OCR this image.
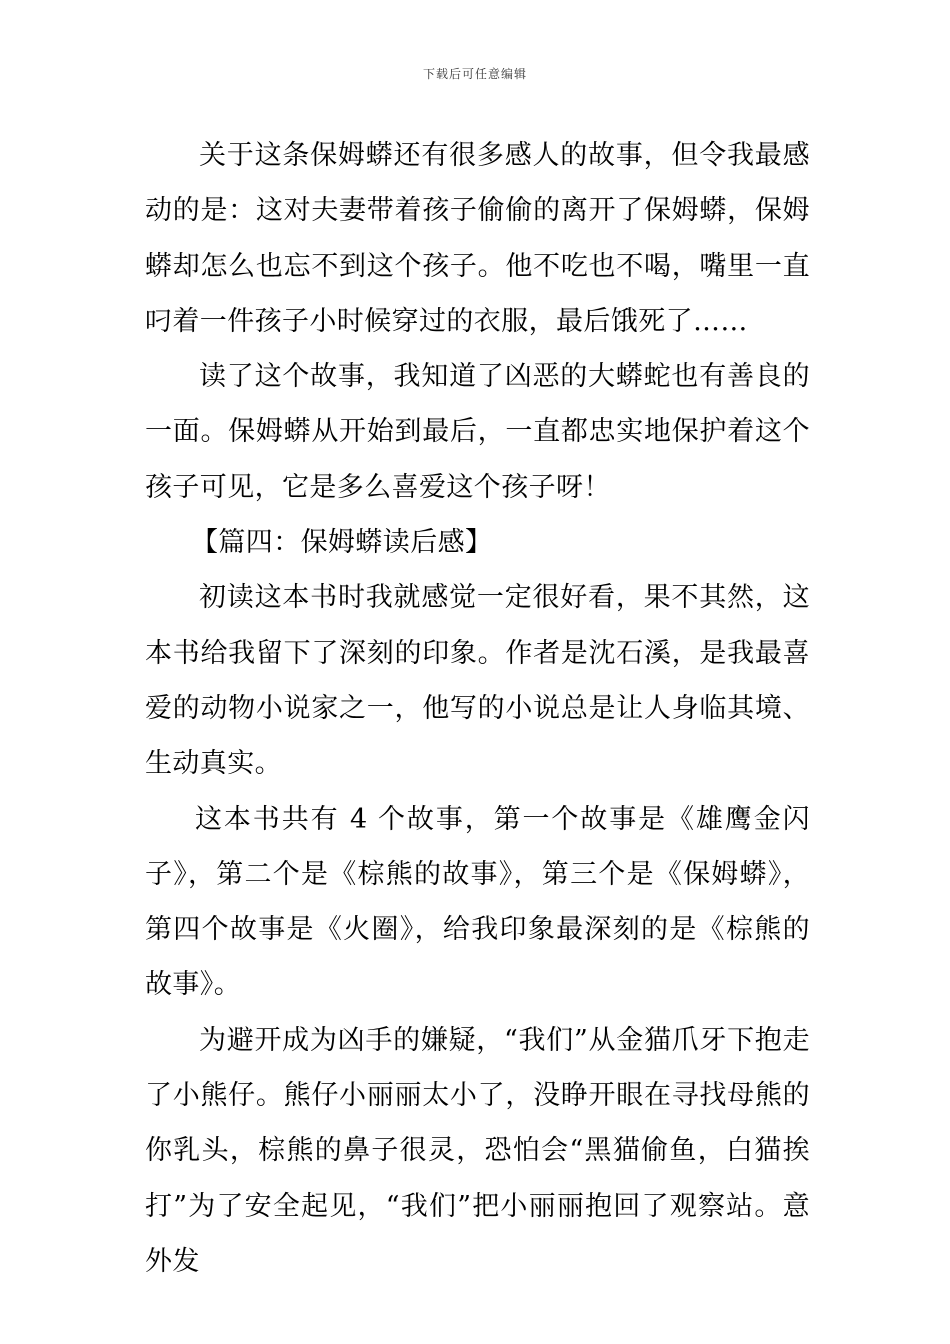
下载后可任意编辑

关于这条保姆蟒还有很多感人的故事，但令我最感动的是：这对夫妻带着孩子偷偷的离开了保姆蟒，保姆蟒却怎么也忘不到这个孩子。他不吃也不喝，嘴里一直叼着一件孩子小时候穿过的衣服，最后饿死了……

读了这个故事，我知道了凶恶的大蟒蛇也有善良的一面。保姆蟒从开始到最后，一直都忠实地保护着这个孩子可见，它是多么喜爱这个孩子呀！

【篇四：保姆蟒读后感】

初读这本书时我就感觉一定很好看，果不其然，这本书给我留下了深刻的印象。作者是沈石溪，是我最喜爱的动物小说家之一，他写的小说总是让人身临其境、生动真实。

这本书共有 4 个故事，第一个故事是《雄鹰金闪子》，第二个是《棕熊的故事》，第三个是《保姆蟒》，第四个故事是《火圈》，给我印象最深刻的是《棕熊的故事》。

为避开成为凶手的嫌疑，“我们”从金猫爪牙下抱走了小熊仔。熊仔小丽丽太小了，没睁开眼在寻找母熊的你乳头，棕熊的鼻子很灵，恐怕会“黑猫偷鱼，白猫挨打”为了安全起见，“我们”把小丽丽抱回了观察站。意外发
